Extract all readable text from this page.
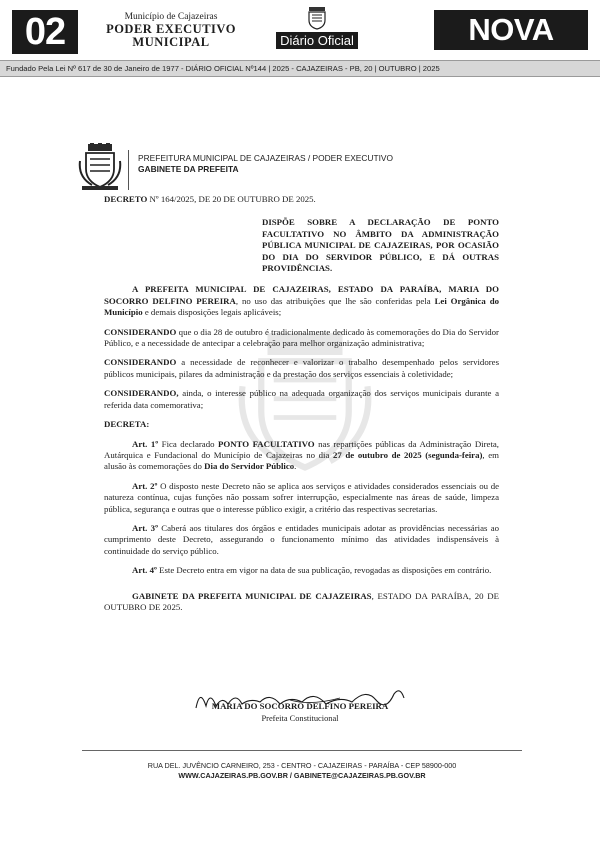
02	Município de Cajazeiras
PODER EXECUTIVO
MUNICIPAL	Diário Oficial	NOVA
Fundado Pela Lei Nº 617 de 30 de Janeiro de 1977 - DIÁRIO OFICIAL Nº144 | 2025 - CAJAZEIRAS - PB, 20 | OUTUBRO | 2025
PREFEITURA MUNICIPAL DE CAJAZEIRAS / PODER EXECUTIVO
GABINETE DA PREFEITA

DECRETO Nº 164/2025, DE 20 DE OUTUBRO DE 2025.

DISPÕE SOBRE A DECLARAÇÃO DE PONTO FACULTATIVO NO ÂMBITO DA ADMINISTRAÇÃO PÚBLICA MUNICIPAL DE CAJAZEIRAS, POR OCASIÃO DO DIA DO SERVIDOR PÚBLICO, E DÁ OUTRAS PROVIDÊNCIAS.

A PREFEITA MUNICIPAL DE CAJAZEIRAS, ESTADO DA PARAÍBA, MARIA DO SOCORRO DELFINO PEREIRA, no uso das atribuições que lhe são conferidas pela Lei Orgânica do Município e demais disposições legais aplicáveis;

CONSIDERANDO que o dia 28 de outubro é tradicionalmente dedicado às comemorações do Dia do Servidor Público, e a necessidade de antecipar a celebração para melhor organização administrativa;

CONSIDERANDO a necessidade de reconhecer e valorizar o trabalho desempenhado pelos servidores públicos municipais, pilares da administração e da prestação dos serviços essenciais à coletividade;

CONSIDERANDO, ainda, o interesse público na adequada organização dos serviços municipais durante a referida data comemorativa;

DECRETA:

Art. 1º Fica declarado PONTO FACULTATIVO nas repartições públicas da Administração Direta, Autárquica e Fundacional do Município de Cajazeiras no dia 27 de outubro de 2025 (segunda-feira), em alusão às comemorações do Dia do Servidor Público.

Art. 2º O disposto neste Decreto não se aplica aos serviços e atividades considerados essenciais ou de natureza contínua, cujas funções não possam sofrer interrupção, especialmente nas áreas de saúde, limpeza pública, segurança e outras que o interesse público exigir, a critério das respectivas secretarias.

Art. 3º Caberá aos titulares dos órgãos e entidades municipais adotar as providências necessárias ao cumprimento deste Decreto, assegurando o funcionamento mínimo das atividades indispensáveis à continuidade do serviço público.

Art. 4º Este Decreto entra em vigor na data de sua publicação, revogadas as disposições em contrário.

GABINETE DA PREFEITA MUNICIPAL DE CAJAZEIRAS, ESTADO DA PARAÍBA, 20 DE OUTUBRO DE 2025.

MARIA DO SOCORRO DELFINO PEREIRA
Prefeita Constitucional
RUA DEL. JUVÊNCIO CARNEIRO, 253 - CENTRO - CAJAZEIRAS - PARAÍBA - CEP 58900-000
WWW.CAJAZEIRAS.PB.GOV.BR / GABINETE@CAJAZEIRAS.PB.GOV.BR
